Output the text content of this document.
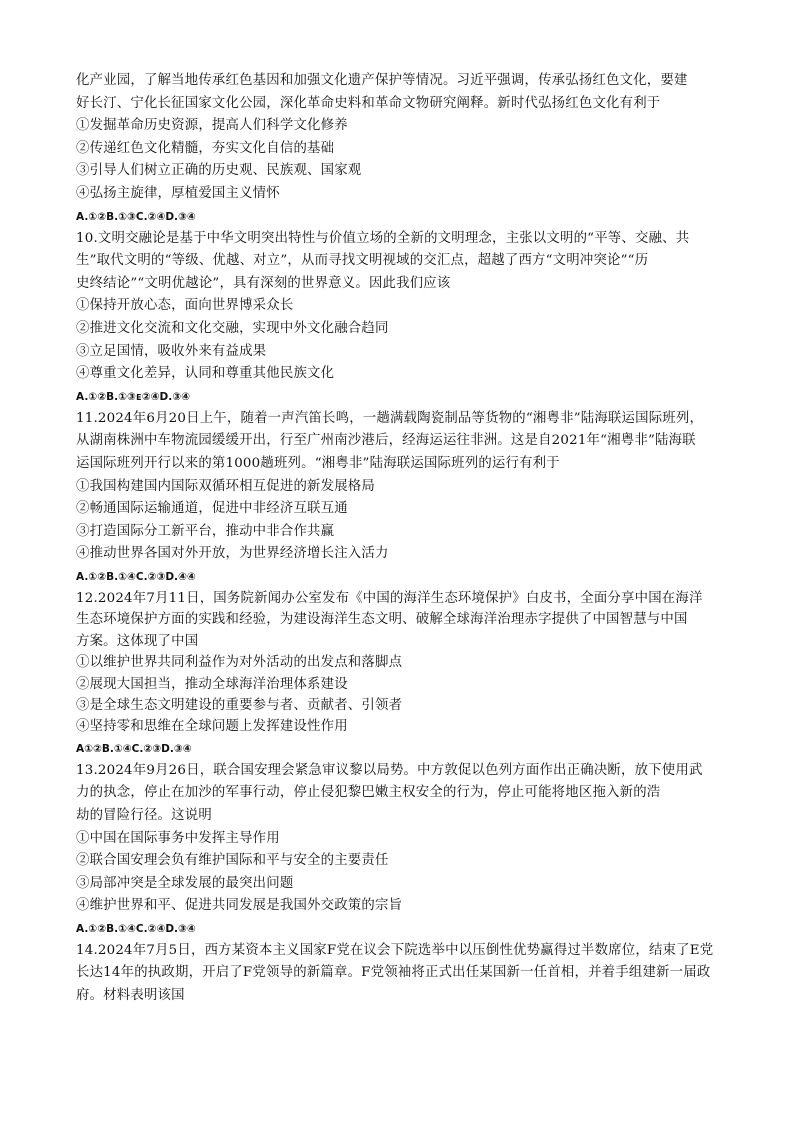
化产业园，了解当地传承红色基因和加强文化遗产保护等情况。习近平强调，传承弘扬红色文化，要建
好长汀、宁化长征国家文化公园，深化革命史料和革命文物研究阐释。新时代弘扬红色文化有利于
①发掘革命历史资源，提高人们科学文化修养
②传递红色文化精髓，夯实文化自信的基础
③引导人们树立正确的历史观、民族观、国家观
④弘扬主旋律，厚植爱国主义情怀
A.①②B.①③C.②④D.③④
10.文明交融论是基于中华文明突出特性与价值立场的全新的文明理念，主张以文明的“平等、交融、共
生”取代文明的“等级、优越、对立”，从而寻找文明视域的交汇点，超越了西方“文明冲突论”“历
史终结论”“文明优越论”，具有深刻的世界意义。因此我们应该
①保持开放心态，面向世界博采众长
②推进文化交流和文化交融，实现中外文化融合趋同
③立足国情，吸收外来有益成果
④尊重文化差异，认同和尊重其他民族文化
A.①②B.①③ᴇ②④D.③④
11.2024年6月20日上午，随着一声汽笛长鸣，一趟满载陶瓷制品等货物的“湘粤非”陆海联运国际班列，
从湖南株洲中车物流园缓缓开出，行至广州南沙港后，经海运运往非洲。这是自2021年“湘粤非”陆海联
运国际班列开行以来的第1000趟班列。“湘粤非”陆海联运国际班列的运行有利于
①我国构建国内国际双循环相互促进的新发展格局
②畅通国际运输通道，促进中非经济互联互通
③打造国际分工新平台，推动中非合作共赢
④推动世界各国对外开放，为世界经济增长注入活力
A.①②B.①④C.②③D.④④
12.2024年7月11日，国务院新闻办公室发布《中国的海洋生态环境保护》白皮书，全面分享中国在海洋
生态环境保护方面的实践和经验，为建设海洋生态文明、破解全球海洋治理赤字提供了中国智慧与中国
方案。这体现了中国
①以维护世界共同利益作为对外活动的出发点和落脚点
②展现大国担当，推动全球海洋治理体系建设
③是全球生态文明建设的重要参与者、贡献者、引领者
④坚持零和思维在全球问题上发挥建设性作用
A①②B.①④C.②③D.③④
13.2024年9月26日，联合国安理会紧急审议黎以局势。中方敦促以色列方面作出正确决断，放下使用武
力的执念，停止在加沙的军事行动，停止侵犯黎巴嫩主权安全的行为，停止可能将地区拖入新的浩
劫的冒险行径。这说明
①中国在国际事务中发挥主导作用
②联合国安理会负有维护国际和平与安全的主要责任
③局部冲突是全球发展的最突出问题
④维护世界和平、促进共同发展是我国外交政策的宗旨
A.①②B.①④C.②④D.③④
14.2024年7月5日，西方某资本主义国家F党在议会下院选举中以压倒性优势赢得过半数席位，结束了E党
长达14年的执政期，开启了F党领导的新篇章。F党领袖将正式出任某国新一任首相，并着手组建新一届政
府。材料表明该国
